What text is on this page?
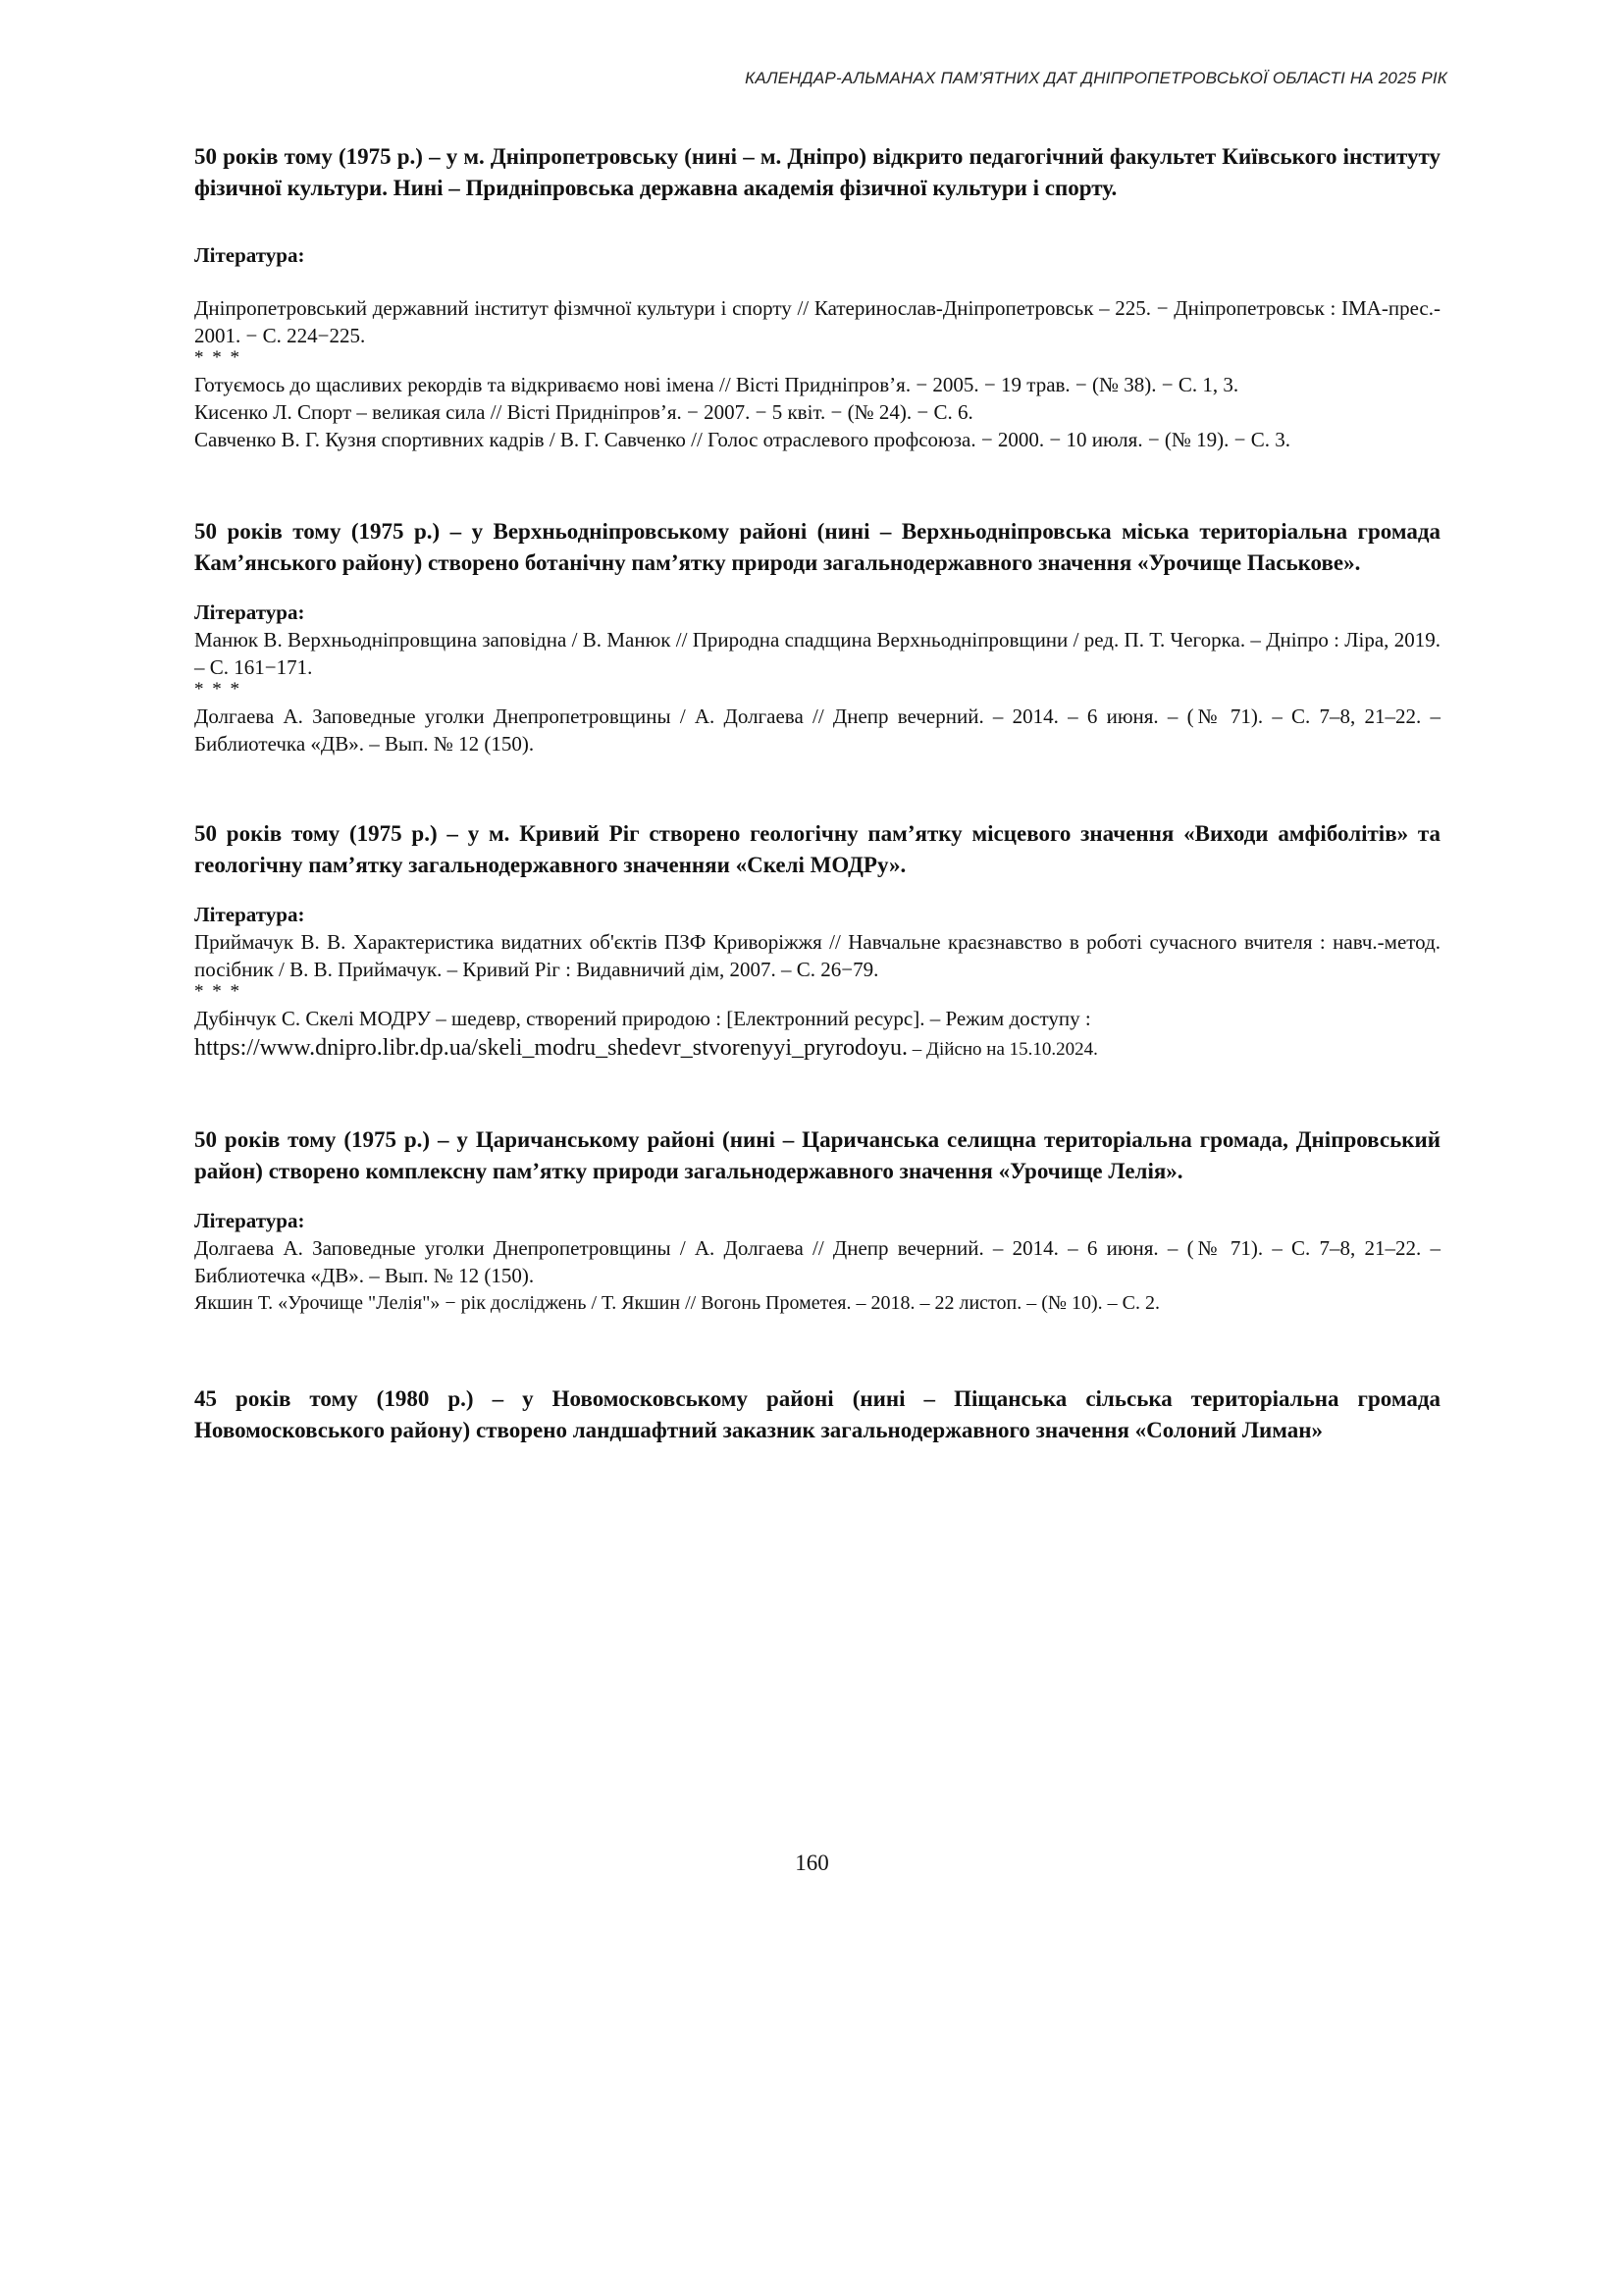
КАЛЕНДАР-АЛЬМАНАХ ПАМ’ЯТНИХ ДАТ ДНІПРОПЕТРОВСЬКОЇ ОБЛАСТІ НА 2025 РІК

50 років тому (1975 р.) – у м. Дніпропетровську (нині – м. Дніпро) відкрито педагогічний факультет Київського інституту фізичної культури. Нині – Придніпровська державна академія фізичної культури і спорту.

Література:

Дніпропетровський державний інститут фізмчної культури і спорту // Катеринослав-Дніпропетровськ – 225. − Дніпропетровськ : ІМА-прес.- 2001. − С. 224−225.

* * *

Готуємось до щасливих рекордів та відкриваємо нові імена // Вісті Придніпров’я. − 2005. − 19 трав. − (№ 38). − С. 1, 3.

Кисенко Л. Спорт – великая сила // Вісті Придніпров’я. − 2007. − 5 квіт. − (№ 24). − С. 6.

Савченко В. Г. Кузня спортивних кадрів / В. Г. Савченко // Голос отраслевого профсоюза. − 2000. − 10 июля. − (№ 19). − С. 3.

50 років тому (1975 р.) – у Верхньодніпровському районі (нині – Верхньодніпровська міська територіальна громада Кам’янського району) створено ботанічну пам’ятку природи загальнодержавного значення «Урочище Паськове».

Література:

Манюк В. Верхньодніпровщина заповідна / В. Манюк // Природна спадщина Верхньодніпровщини / ред. П. Т. Чегорка. – Дніпро : Ліра, 2019. – С. 161−171.

* * *

Долгаева А. Заповедные уголки Днепропетровщины / А. Долгаева // Днепр вечерний. – 2014. – 6 июня. – (№ 71). – С. 7–8, 21–22. – Библиотечка «ДВ». – Вып. № 12 (150).

50 років тому (1975 р.) – у м. Кривий Ріг створено геологічну пам’ятку місцевого значення «Виходи амфіболітів» та геологічну пам’ятку загальнодержавного значенняи «Скелі МОДРу».

Література:

Приймачук В. В. Характеристика видатних об'єктів ПЗФ Криворіжжя // Навчальне краєзнавство в роботі сучасного вчителя : навч.-метод. посібник / В. В. Приймачук. – Кривий Ріг : Видавничий дім, 2007. – С. 26−79.

* * *

Дубінчук С. Скелі МОДРУ – шедевр, створений природою : [Електронний ресурс]. – Режим доступу :

https://www.dnipro.libr.dp.ua/skeli_modru_shedevr_stvorenyyi_pryrodoyu. – Дійсно на 15.10.2024.

50 років тому (1975 р.) – у Царичанському районі (нині – Царичанська селищна територіальна громада, Дніпровський район) створено комплексну пам’ятку природи загальнодержавного значення «Урочище Лелія».

Література:

Долгаева А. Заповедные уголки Днепропетровщины / А. Долгаева // Днепр вечерний. – 2014. – 6 июня. – (№ 71). – С. 7–8, 21–22. – Библиотечка «ДВ». – Вып. № 12 (150).

Якшин Т. «Урочище "Лелія"» − рік досліджень / Т. Якшин // Вогонь Прометея. – 2018. – 22 листоп. – (№ 10). – С. 2.

45 років тому (1980 р.) – у Новомосковському районі (нині – Піщанська сільська територіальна громада Новомосковського району) створено ландшафтний заказник загальнодержавного значення «Солоний Лиман»

160
